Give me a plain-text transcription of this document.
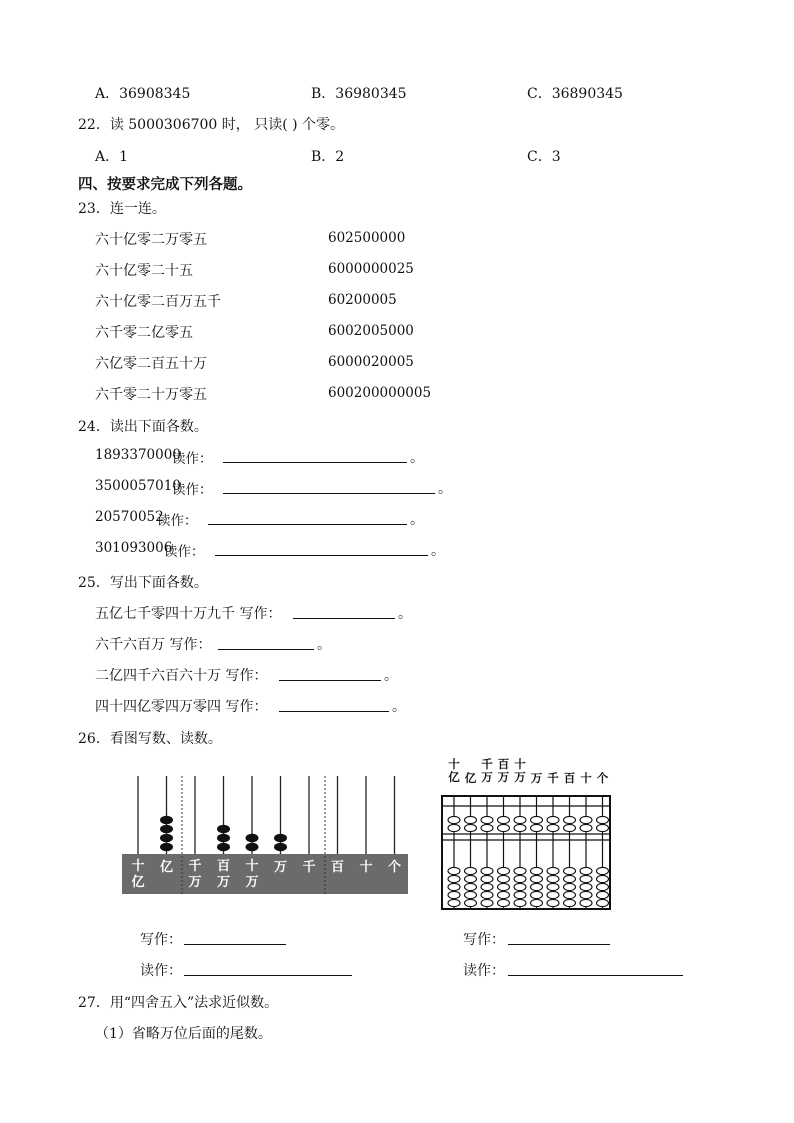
A．36908345	B．36980345	C．36890345
22．读 5000306700 时， 只读( ) 个零。
A．1	B．2	C．3
四、按要求完成下列各题。
23．连一连。
六十亿零二万零五
六十亿零二十五
六十亿零二百万五千
六千零二亿零五
六亿零二百五十万
六千零二十万零五
602500000
6000000025
60200005
6002005000
6000020005
600200000005
24．读出下面各数。
1893370000
读作：	。
3500057010
读作：	。
20570052
读作：	。
301093006
读作：	。
25．写出下面各数。
五亿七千零四十万九千 写作：	。
六千六百万 写作：	。
二亿四千六百六十万 写作：	。
四十四亿零四万零四 写作：	。
26．看图写数、读数。
十
亿
亿 千
万
百
万
十
万
万 千 百 十 个
十
亿 亿
千
万
百
万
十
万 万 千 百 十 个
写作：
读作：
写作：
读作：
27．用“四舍五入”法求近似数。
（1）省略万位后面的尾数。
